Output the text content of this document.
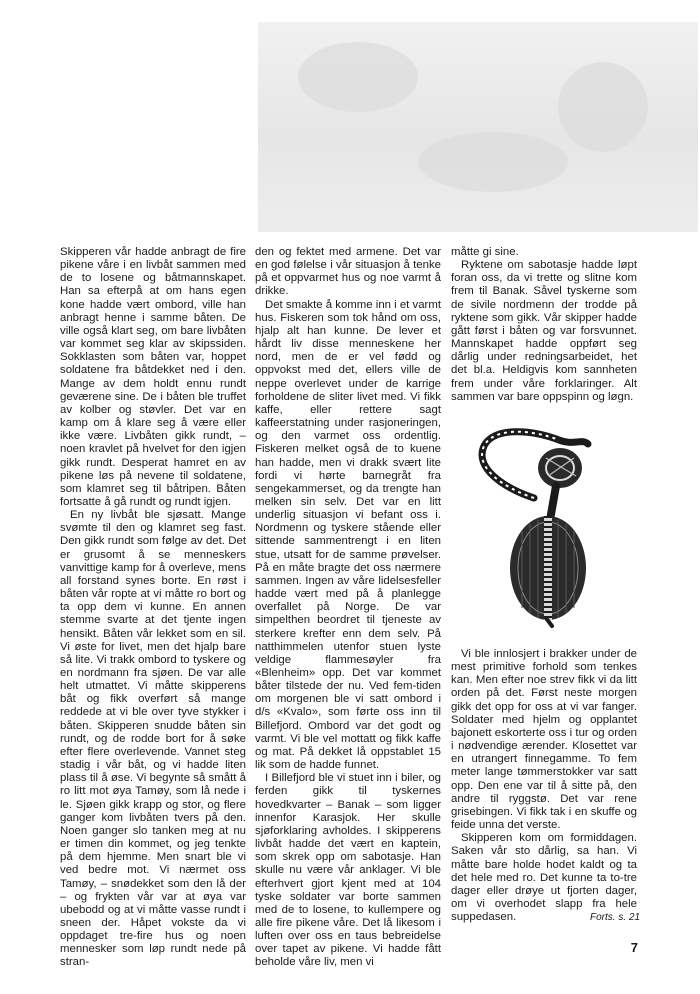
Skipperen vår hadde anbragt de fire pikene våre i en livbåt sammen med de to losene og båtmannskapet. Han sa efterpå at om hans egen kone hadde vært ombord, ville han anbragt henne i samme båten. De ville også klart seg, om bare livbåten var kommet seg klar av skipssiden. Sokklasten som båten var, hoppet soldatene fra båtdekket ned i den. Mange av dem holdt ennu rundt geværene sine. De i båten ble truffet av kolber og støvler. Det var en kamp om å klare seg å være eller ikke være. Livbåten gikk rundt, – noen kravlet på hvelvet for den igjen gikk rundt. Desperat hamret en av pikene løs på nevene til soldatene, som klamret seg til båtripen. Båten fortsatte å gå rundt og rundt igjen.

En ny livbåt ble sjøsatt. Mange svømte til den og klamret seg fast. Den gikk rundt som følge av det. Det er grusomt å se menneskers vanvittige kamp for å overleve, mens all forstand synes borte. En røst i båten vår ropte at vi måtte ro bort og ta opp dem vi kunne. En annen stemme svarte at det tjente ingen hensikt. Båten vår lekket som en sil. Vi øste for livet, men det hjalp bare så lite. Vi trakk ombord to tyskere og en nordmann fra sjøen. De var alle helt utmattet. Vi måtte skipperens båt og fikk overført så mange reddede at vi ble over tyve stykker i båten. Skipperen snudde båten sin rundt, og de rodde bort for å søke efter flere overlevende. Vannet steg stadig i vår båt, og vi hadde liten plass til å øse. Vi begynte så smått å ro litt mot øya Tamøy, som lå nede i le. Sjøen gikk krapp og stor, og flere ganger kom livbåten tvers på den. Noen ganger slo tanken meg at nu er timen din kommet, og jeg tenkte på dem hjemme. Men snart ble vi ved bedre mot. Vi nærmet oss Tamøy, – snødekket som den lå der – og frykten vår var at øya var ubebodd og at vi måtte vasse rundt i sneen der. Håpet vokste da vi oppdaget tre-fire hus og noen mennesker som løp rundt nede på stran-

den og fektet med armene. Det var en god følelse i vår situasjon å tenke på et oppvarmet hus og noe varmt å drikke.

Det smakte å komme inn i et varmt hus. Fiskeren som tok hånd om oss, hjalp alt han kunne. De lever et hårdt liv disse menneskene her nord, men de er vel fødd og oppvokst med det, ellers ville de neppe overlevet under de karrige forholdene de sliter livet med. Vi fikk kaffe, eller rettere sagt kaffeerstatning under rasjoneringen, og den varmet oss ordentlig. Fiskeren melket også de to kuene han hadde, men vi drakk svært lite fordi vi hørte barnegråt fra sengekammerset, og da trengte han melken sin selv. Det var en litt underlig situasjon vi befant oss i. Nordmenn og tyskere stående eller sittende sammentrengt i en liten stue, utsatt for de samme prøvelser. På en måte bragte det oss nærmere sammen. Ingen av våre lidelsesfeller hadde vært med på å planlegge overfallet på Norge. De var simpelthen beordret til tjeneste av sterkere krefter enn dem selv. På natthimmelen utenfor stuen lyste veldige flammesøyler fra «Blenheim» opp. Det var kommet båter tilstede der nu. Ved fem-tiden om morgenen ble vi satt ombord i d/s «Kvalo», som førte oss inn til Billefjord. Ombord var det godt og varmt. Vi ble vel mottatt og fikk kaffe og mat. På dekket lå oppstablet 15 lik som de hadde funnet.

I Billefjord ble vi stuet inn i biler, og ferden gikk til tyskernes hovedkvarter – Banak – som ligger innenfor Karasjok. Her skulle sjøforklaring avholdes. I skipperens livbåt hadde det vært en kaptein, som skrek opp om sabotasje. Han skulle nu være vår anklager. Vi ble efterhvert gjort kjent med at 104 tyske soldater var borte sammen med de to losene, to kullempere og alle fire pikene våre. Det lå likesom i luften over oss en taus bebreidelse over tapet av pikene. Vi hadde fått beholde våre liv, men vi

måtte gi sine.

Ryktene om sabotasje hadde løpt foran oss, da vi trette og slitne kom frem til Banak. Såvel tyskerne som de sivile nordmenn der trodde på ryktene som gikk. Vår skipper hadde gått først i båten og var forsvunnet. Mannskapet hadde oppført seg dårlig under redningsarbeidet, het det bl.a. Heldigvis kom sannheten frem under våre forklaringer. Alt sammen var bare oppspinn og løgn.

Vi ble innlosjert i brakker under de mest primitive forhold som tenkes kan. Men efter noe strev fikk vi da litt orden på det. Først neste morgen gikk det opp for oss at vi var fanger. Soldater med hjelm og opplantet bajonett eskorterte oss i tur og orden i nødvendige ærender. Klosettet var en utrangert finnegamme. To fem meter lange tømmerstokker var satt opp. Den ene var til å sitte på, den andre til ryggstø. Det var rene grisebingen. Vi fikk tak i en skuffe og feide unna det verste.

Skipperen kom om formiddagen. Saken vår sto dårlig, sa han. Vi måtte bare holde hodet kaldt og ta det hele med ro. Det kunne ta to-tre dager eller drøye ut fjorten dager, om vi overhodet slapp fra hele suppedasen.	Forts. s. 21
7
